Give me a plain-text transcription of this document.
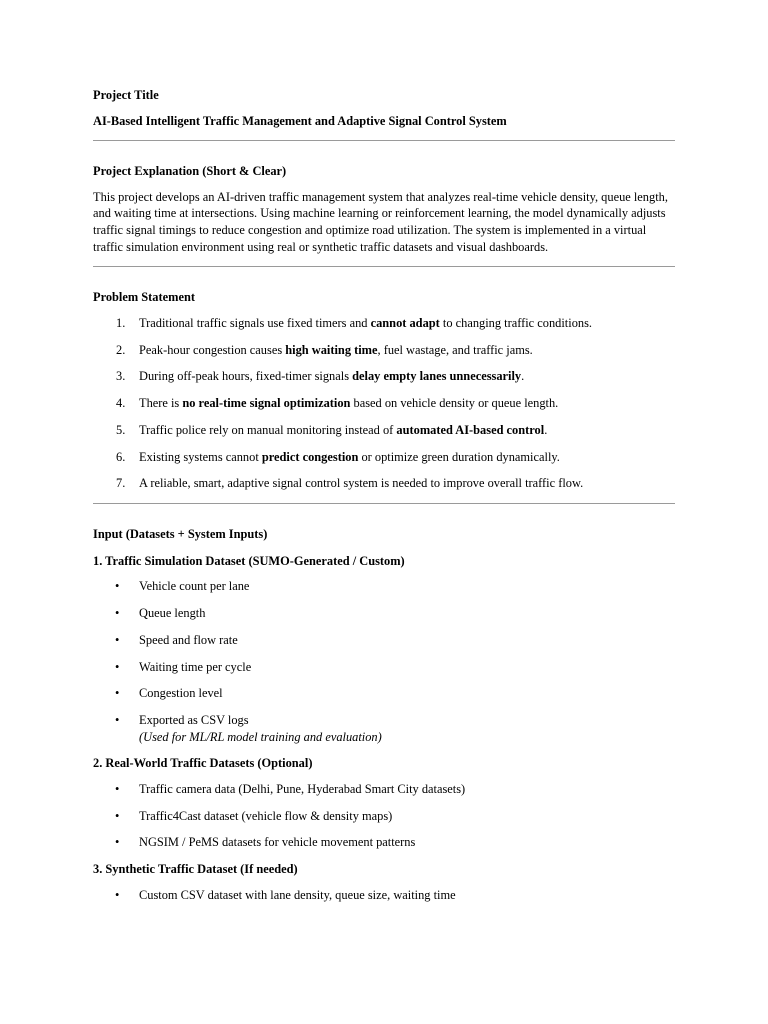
Project Title

AI-Based Intelligent Traffic Management and Adaptive Signal Control System

Project Explanation (Short & Clear)

This project develops an AI-driven traffic management system that analyzes real-time vehicle density, queue length, and waiting time at intersections. Using machine learning or reinforcement learning, the model dynamically adjusts traffic signal timings to reduce congestion and optimize road utilization. The system is implemented in a virtual traffic simulation environment using real or synthetic traffic datasets and visual dashboards.

Problem Statement

1. Traditional traffic signals use fixed timers and cannot adapt to changing traffic conditions.
2. Peak-hour congestion causes high waiting time, fuel wastage, and traffic jams.
3. During off-peak hours, fixed-timer signals delay empty lanes unnecessarily.
4. There is no real-time signal optimization based on vehicle density or queue length.
5. Traffic police rely on manual monitoring instead of automated AI-based control.
6. Existing systems cannot predict congestion or optimize green duration dynamically.
7. A reliable, smart, adaptive signal control system is needed to improve overall traffic flow.

Input (Datasets + System Inputs)

1. Traffic Simulation Dataset (SUMO-Generated / Custom)

• Vehicle count per lane
• Queue length
• Speed and flow rate
• Waiting time per cycle
• Congestion level
• Exported as CSV logs
(Used for ML/RL model training and evaluation)

2. Real-World Traffic Datasets (Optional)

• Traffic camera data (Delhi, Pune, Hyderabad Smart City datasets)
• Traffic4Cast dataset (vehicle flow & density maps)
• NGSIM / PeMS datasets for vehicle movement patterns

3. Synthetic Traffic Dataset (If needed)

• Custom CSV dataset with lane density, queue size, waiting time
